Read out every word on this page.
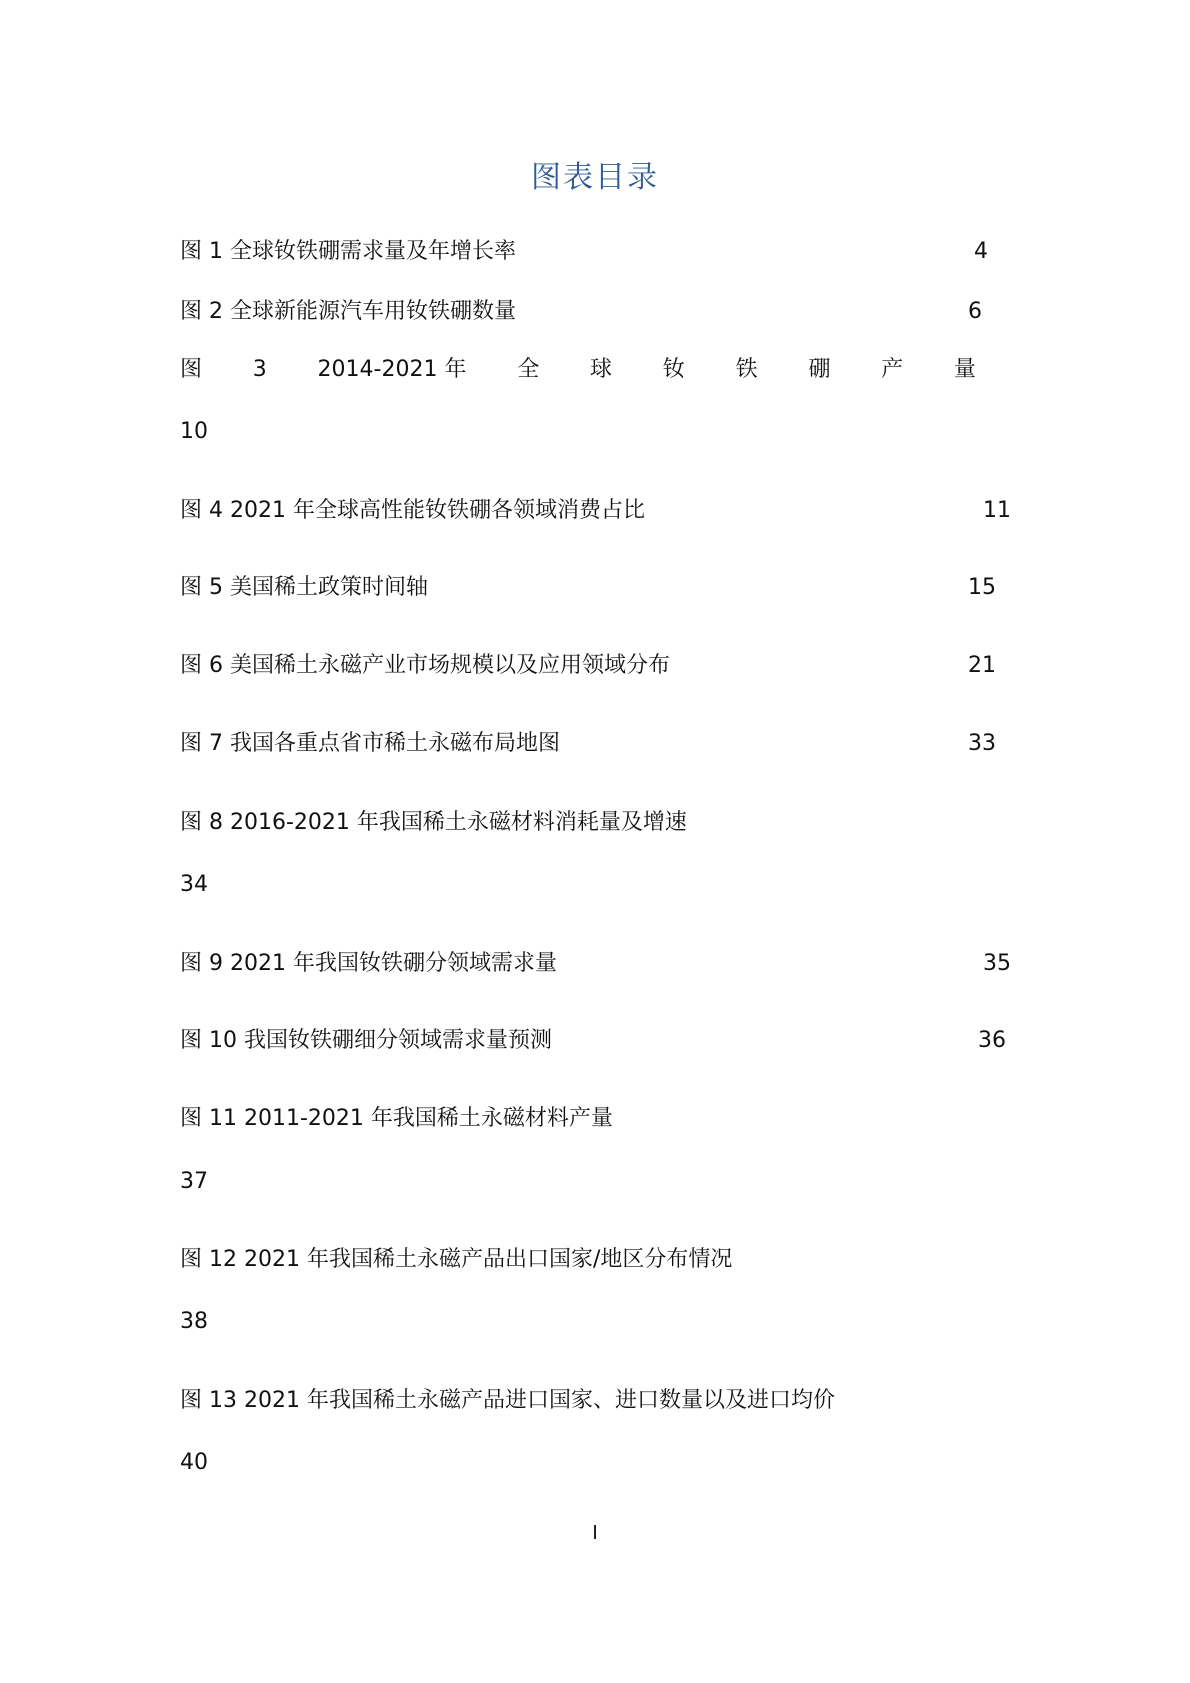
图表目录
图 1 全球钕铁硼需求量及年增长率	4
图 2 全球新能源汽车用钕铁硼数量	6
图 3 2014-2021 年 全 球 钕 铁 硼 产 量
10
图 4 2021 年全球高性能钕铁硼各领域消费占比	11
图 5 美国稀土政策时间轴	15
图 6 美国稀土永磁产业市场规模以及应用领域分布	21
图 7 我国各重点省市稀土永磁布局地图	33
图 8 2016-2021 年我国稀土永磁材料消耗量及增速
34
图 9 2021 年我国钕铁硼分领域需求量	35
图 10 我国钕铁硼细分领域需求量预测	36
图 11 2011-2021 年我国稀土永磁材料产量
37
图 12 2021 年我国稀土永磁产品出口国家/地区分布情况
38
图 13 2021 年我国稀土永磁产品进口国家、进口数量以及进口均价
40
I
